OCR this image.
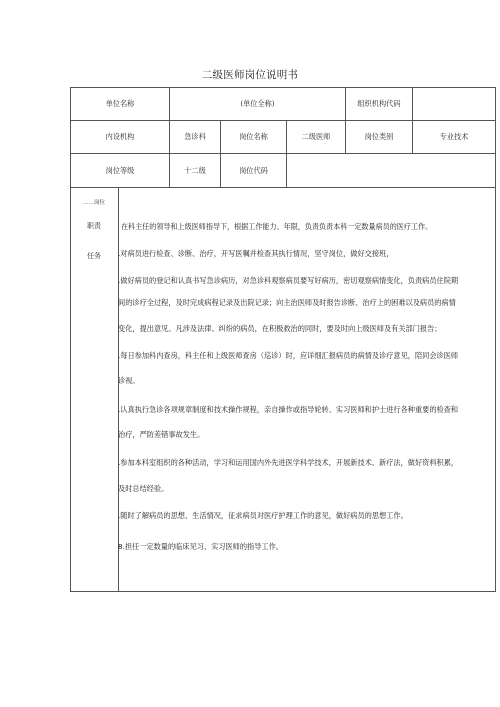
二级医师岗位说明书
单位名称	(单位全称)	组织机构代码
内设机构	急诊科	岗位名称	二级医师	岗位类别	专业技术
岗位等级	十二级	岗位代码
……岗位
职责
任务
在科主任的领导和上级医师指导下，根据工作能力、年限，负责负责本科一定数量病员的医疗工作。
.对病员进行检查、诊断、治疗，开写医嘱并检查其执行情况，坚守岗位，做好交接班，
.做好病员的登记和认真书写急诊病历，对急诊科观察病员要写好病历，密切观察病情变化，负责病员住院期
间的诊疗全过程，及时完成病程记录及出院记录；向主治医师及时报告诊断、治疗上的困难以及病员的病情
变化，提出意见。凡涉及法律、纠纷的病员，在积极救治的同时，要及时向上级医师及有关部门报告；
.每日参加科内查房，科主任和上级医师查房（巡诊）时，应详细汇报病员的病情及诊疗意见，陪同会诊医师
诊视。
.认真执行急诊各项规章制度和技术操作规程，亲自操作或指导轮转、实习医师和护士进行各种重要的检查和
治疗，严防差错事故发生。
.参加本科室组织的各种活动，学习和运用国内外先进医学科学技术，开展新技术、新疗法，做好资料积累，
及时总结经验。
.随时了解病员的思想、生活情况，征求病员对医疗护理工作的意见，做好病员的思想工作。
8.担任一定数量的临床见习、实习医师的指导工作。
